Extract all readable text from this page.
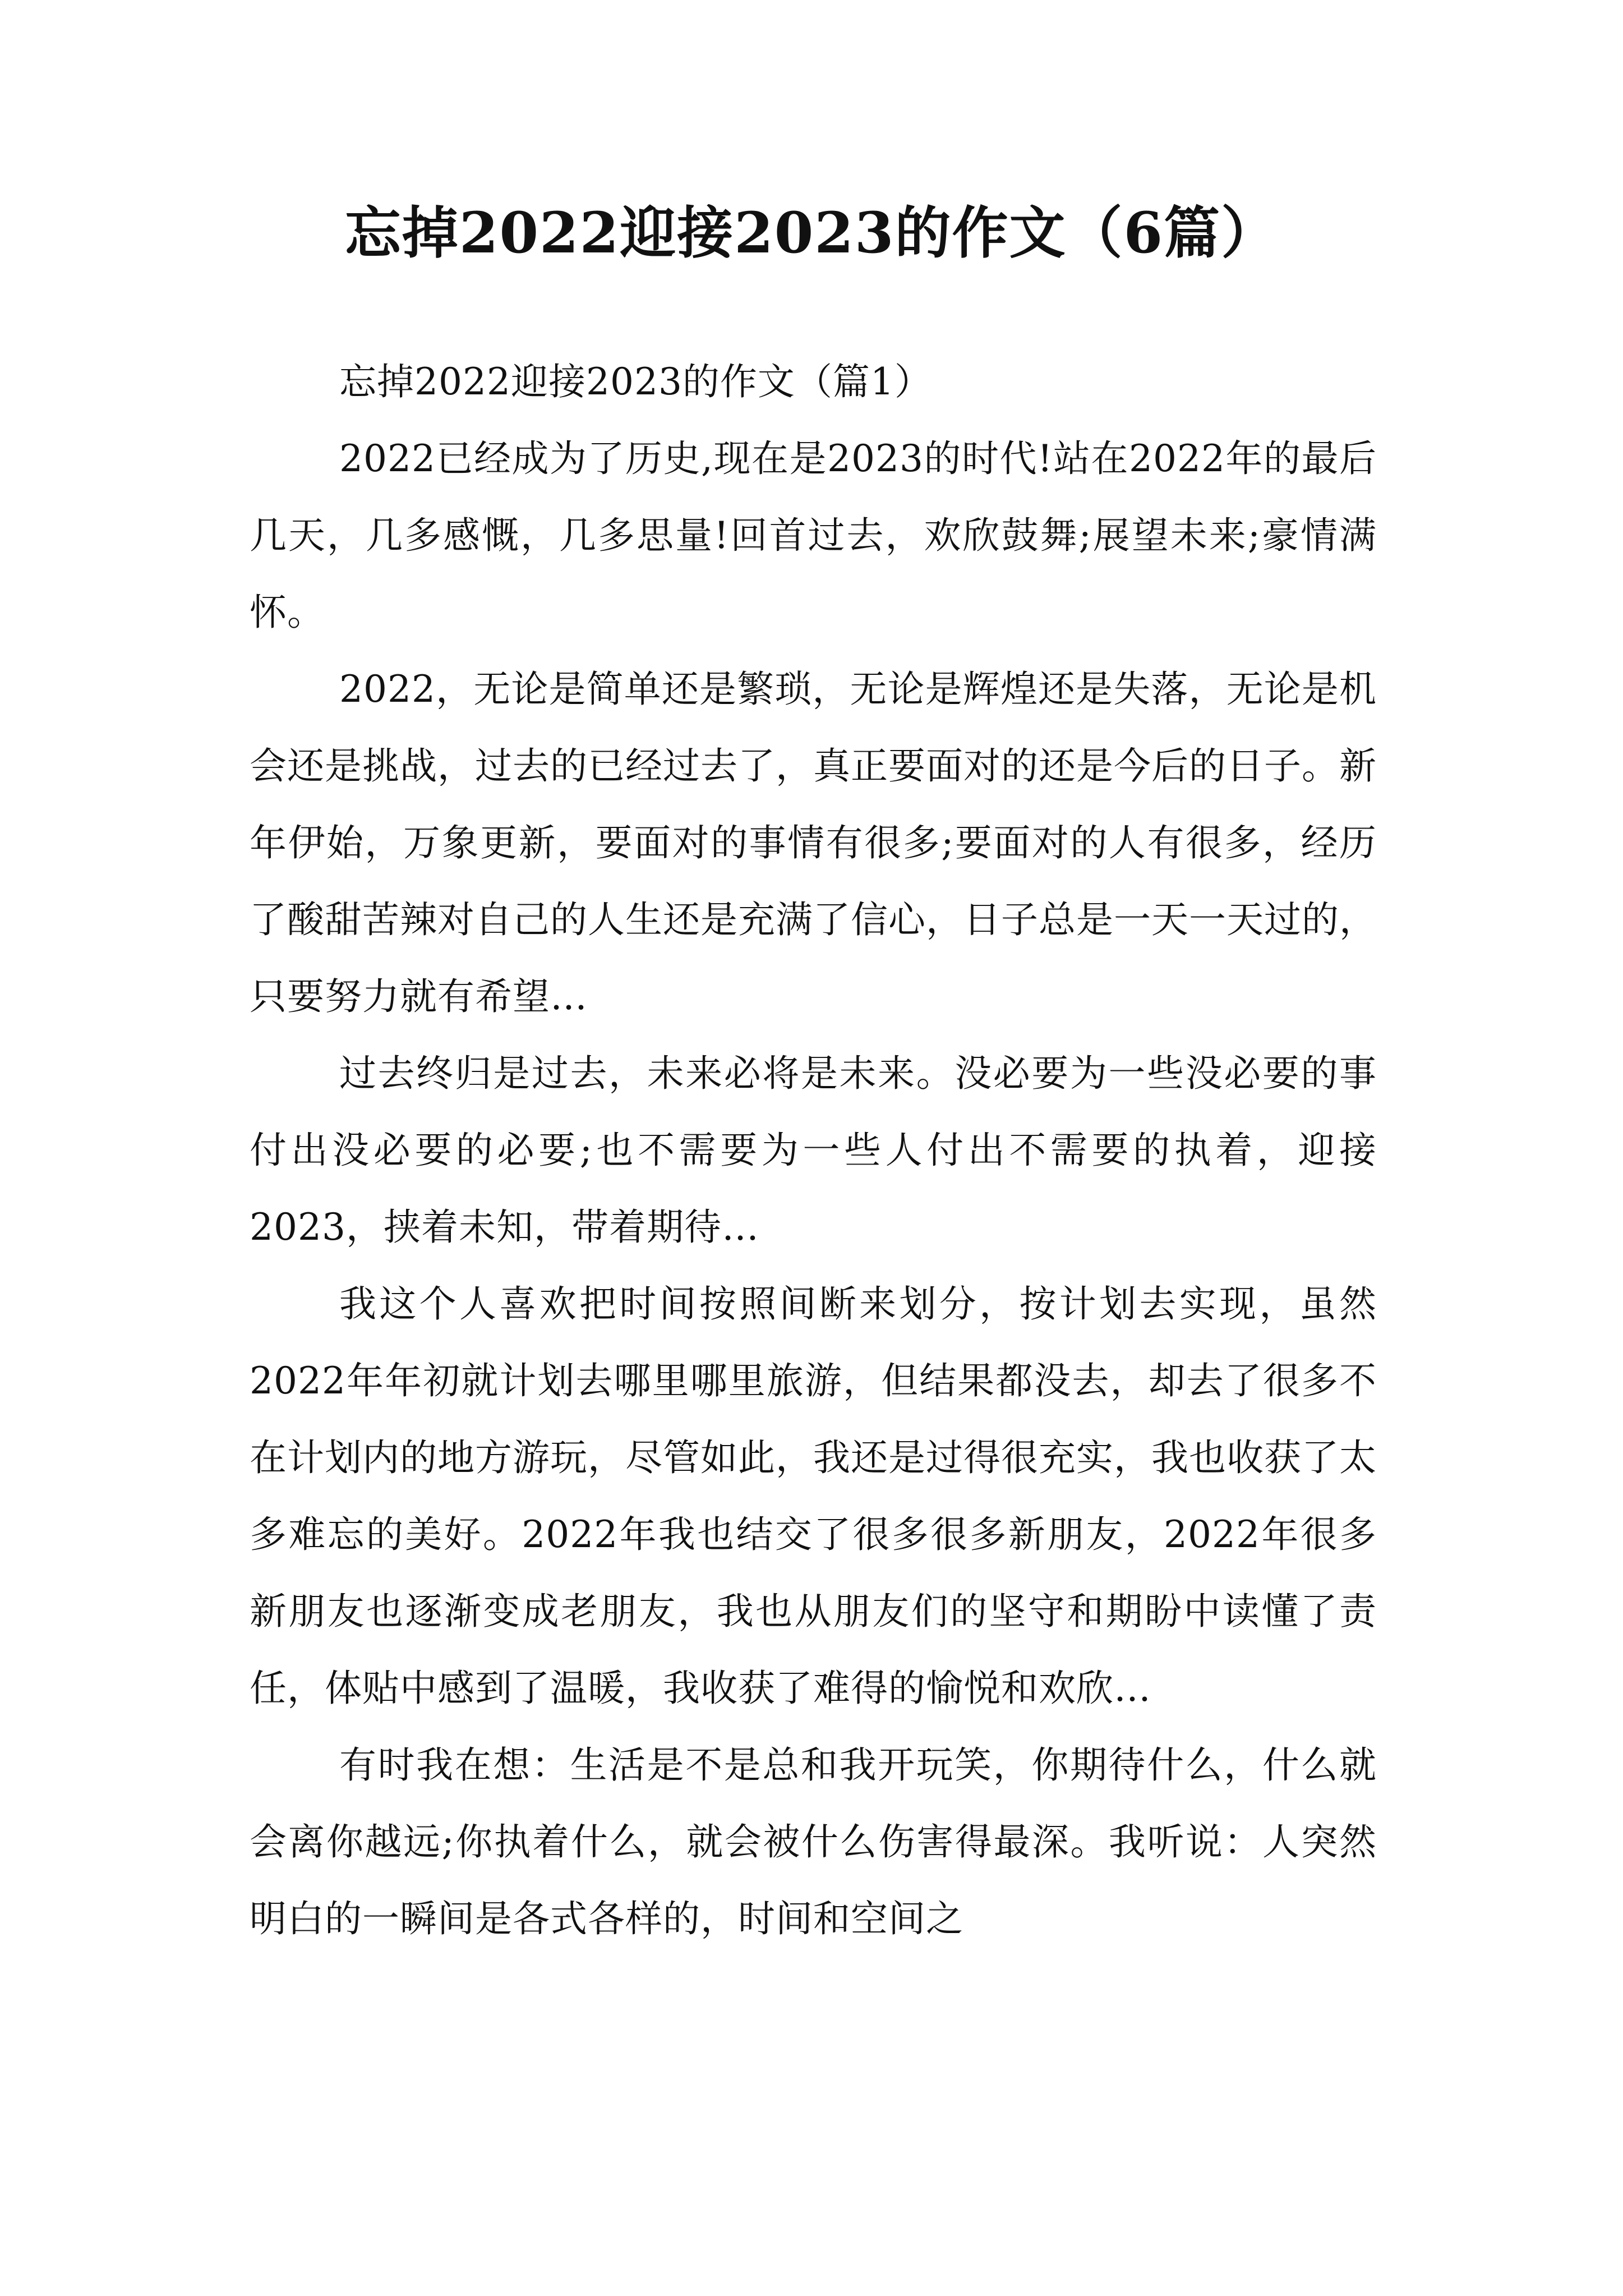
忘掉2022迎接2023的作文（6篇）

忘掉2022迎接2023的作文（篇1）

2022已经成为了历史,现在是2023的时代!站在2022年的最后几天，几多感慨，几多思量!回首过去，欢欣鼓舞;展望未来;豪情满怀。

2022，无论是简单还是繁琐，无论是辉煌还是失落，无论是机会还是挑战，过去的已经过去了，真正要面对的还是今后的日子。新年伊始，万象更新，要面对的事情有很多;要面对的人有很多，经历了酸甜苦辣对自己的人生还是充满了信心，日子总是一天一天过的，只要努力就有希望…

过去终归是过去，未来必将是未来。没必要为一些没必要的事付出没必要的必要;也不需要为一些人付出不需要的执着，迎接2023，挟着未知，带着期待…

我这个人喜欢把时间按照间断来划分，按计划去实现，虽然2022年年初就计划去哪里哪里旅游，但结果都没去，却去了很多不在计划内的地方游玩，尽管如此，我还是过得很充实，我也收获了太多难忘的美好。2022年我也结交了很多很多新朋友，2022年很多新朋友也逐渐变成老朋友，我也从朋友们的坚守和期盼中读懂了责任，体贴中感到了温暖，我收获了难得的愉悦和欢欣…

有时我在想：生活是不是总和我开玩笑，你期待什么，什么就会离你越远;你执着什么，就会被什么伤害得最深。我听说：人突然明白的一瞬间是各式各样的，时间和空间之
